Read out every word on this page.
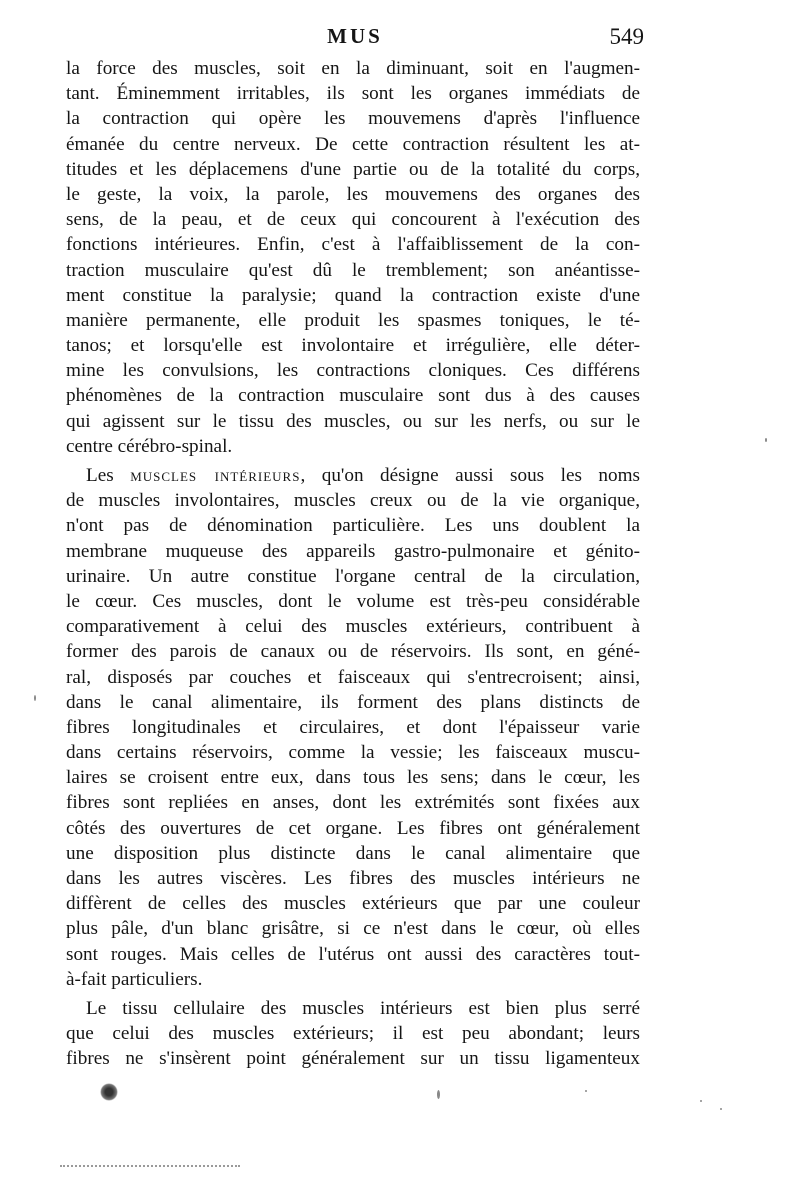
MUS	549
la force des muscles, soit en la diminuant, soit en l'augmen-
tant. Éminemment irritables, ils sont les organes immédiats de
la contraction qui opère les mouvemens d'après l'influence
émanée du centre nerveux. De cette contraction résultent les at-
titudes et les déplacemens d'une partie ou de la totalité du corps,
le geste, la voix, la parole, les mouvemens des organes des
sens, de la peau, et de ceux qui concourent à l'exécution des
fonctions intérieures. Enfin, c'est à l'affaiblissement de la con-
traction musculaire qu'est dû le tremblement; son anéantisse-
ment constitue la paralysie; quand la contraction existe d'une
manière permanente, elle produit les spasmes toniques, le té-
tanos; et lorsqu'elle est involontaire et irrégulière, elle déter-
mine les convulsions, les contractions cloniques. Ces différens
phénomènes de la contraction musculaire sont dus à des causes
qui agissent sur le tissu des muscles, ou sur les nerfs, ou sur le
centre cérébro-spinal.
Les muscles intérieurs, qu'on désigne aussi sous les noms
de muscles involontaires, muscles creux ou de la vie organique,
n'ont pas de dénomination particulière. Les uns doublent la
membrane muqueuse des appareils gastro-pulmonaire et génito-
urinaire. Un autre constitue l'organe central de la circulation,
le cœur. Ces muscles, dont le volume est très-peu considérable
comparativement à celui des muscles extérieurs, contribuent à
former des parois de canaux ou de réservoirs. Ils sont, en géné-
ral, disposés par couches et faisceaux qui s'entrecroisent; ainsi,
dans le canal alimentaire, ils forment des plans distincts de
fibres longitudinales et circulaires, et dont l'épaisseur varie
dans certains réservoirs, comme la vessie; les faisceaux muscu-
laires se croisent entre eux, dans tous les sens; dans le cœur, les
fibres sont repliées en anses, dont les extrémités sont fixées aux
côtés des ouvertures de cet organe. Les fibres ont généralement
une disposition plus distincte dans le canal alimentaire que
dans les autres viscères. Les fibres des muscles intérieurs ne
diffèrent de celles des muscles extérieurs que par une couleur
plus pâle, d'un blanc grisâtre, si ce n'est dans le cœur, où elles
sont rouges. Mais celles de l'utérus ont aussi des caractères tout-
à-fait particuliers.
Le tissu cellulaire des muscles intérieurs est bien plus serré
que celui des muscles extérieurs; il est peu abondant; leurs
fibres ne s'insèrent point généralement sur un tissu ligamenteux
